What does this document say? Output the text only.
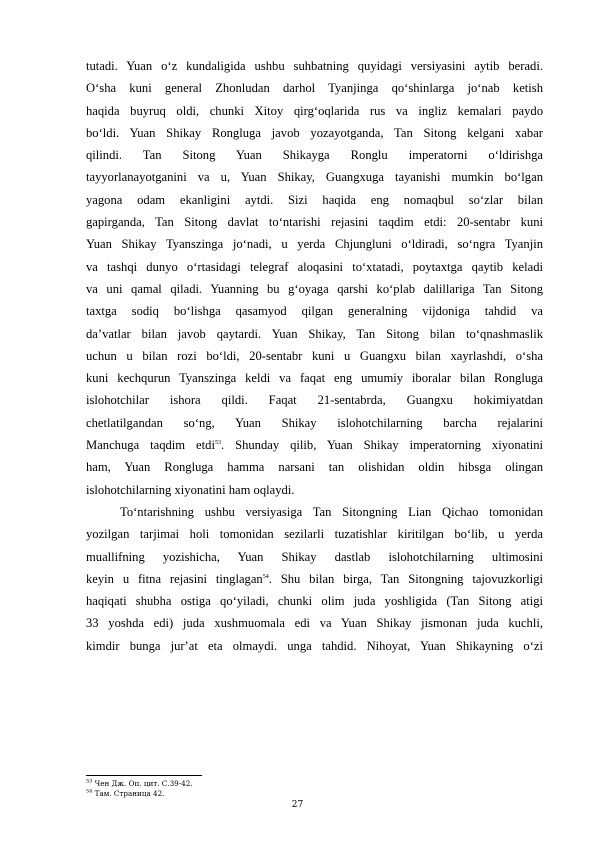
tutadi. Yuan oʻz kundaligida ushbu suhbatning quyidagi versiyasini aytib beradi.
Oʻsha kuni general Zhonludan darhol Tyanjinga qoʻshinlarga joʻnab ketish
haqida buyruq oldi, chunki Xitoy qirgʻoqlarida rus va ingliz kemalari paydo
boʻldi. Yuan Shikay Rongluga javob yozayotganda, Tan Sitong kelgani xabar
qilindi. Tan Sitong Yuan Shikayga Ronglu imperatorni oʻldirishga
tayyorlanayotganini va u, Yuan Shikay, Guangxuga tayanishi mumkin boʻlgan
yagona odam ekanligini aytdi. Sizi haqida eng nomaqbul soʻzlar bilan
gapirganda, Tan Sitong davlat toʻntarishi rejasini taqdim etdi: 20-sentabr kuni
Yuan Shikay Tyanszinga joʻnadi, u yerda Chjungluni oʻldiradi, soʻngra Tyanjin
va tashqi dunyo oʻrtasidagi telegraf aloqasini toʻxtatadi, poytaxtga qaytib keladi
va uni qamal qiladi. Yuanning bu gʻoyaga qarshi koʻplab dalillariga Tan Sitong
taxtga sodiq boʻlishga qasamyod qilgan generalning vijdoniga tahdid va
daʼvatlar bilan javob qaytardi. Yuan Shikay, Tan Sitong bilan toʻqnashmaslik
uchun u bilan rozi boʻldi, 20-sentabr kuni u Guangxu bilan xayrlashdi, oʻsha
kuni kechqurun Tyanszinga keldi va faqat eng umumiy iboralar bilan Rongluga
islohotchilar ishora qildi. Faqat 21-sentabrda, Guangxu hokimiyatdan
chetlatilgandan soʻng, Yuan Shikay islohotchilarning barcha rejalarini
Manchuga taqdim etdi$^{53}$. Shunday qilib, Yuan Shikay imperatorning xiyonatini
ham, Yuan Rongluga hamma narsani tan olishidan oldin hibsga olingan
islohotchilarning xiyonatini ham oqlaydi.
Toʻntarishning ushbu versiyasiga Tan Sitongning Lian Qichao tomonidan
yozilgan tarjimai holi tomonidan sezilarli tuzatishlar kiritilgan boʻlib, u yerda
muallifning yozishicha, Yuan Shikay dastlab islohotchilarning ultimosini
keyin u fitna rejasini tinglagan$^{54}$. Shu bilan birga, Tan Sitongning tajovuzkorligi
haqiqati shubha ostiga qoʻyiladi, chunki olim juda yoshligida (Tan Sitong atigi
33 yoshda edi) juda xushmuomala edi va Yuan Shikay jismonan juda kuchli,
kimdir bunga jurʼat eta olmaydi. unga tahdid. Nihoyat, Yuan Shikayning oʻzi
$^{53}$ Чен Дж. Оп. цит. С.39-42.
$^{54}$ Там. Страница 42.
27
